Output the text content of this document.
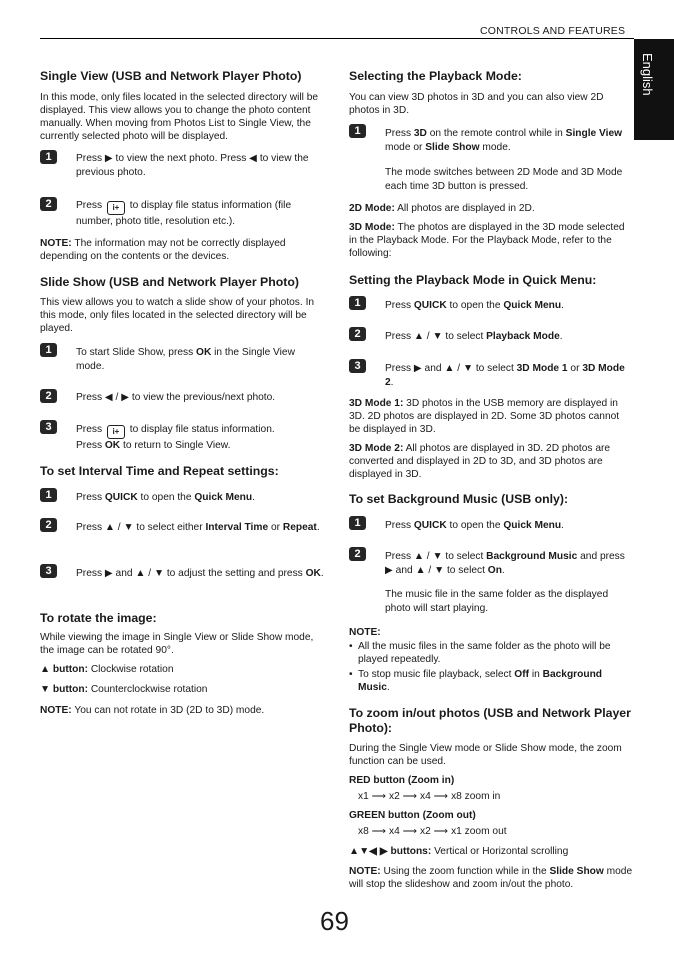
CONTROLS AND FEATURES
English
Single View (USB and Network Player Photo)
In this mode, only files located in the selected directory will be displayed. This view allows you to change the photo content manually. When moving from Photos List to Single View, the currently selected photo will be displayed.
1	Press ▶ to view the next photo. Press ◀ to view the previous photo.
2	Press i+ to display file status information (file number, photo title, resolution etc.).
NOTE: The information may not be correctly displayed depending on the contents or the devices.
Slide Show (USB and Network Player Photo)
This view allows you to watch a slide show of your photos. In this mode, only files located in the selected directory will be played.
1	To start Slide Show, press OK in the Single View mode.
2	Press ◀ / ▶ to view the previous/next photo.
3	Press i+ to display file status information.
Press OK to return to Single View.
To set Interval Time and Repeat settings:
1	Press QUICK to open the Quick Menu.
2	Press ▲ / ▼ to select either Interval Time or Repeat.
3	Press ▶ and ▲ / ▼ to adjust the setting and press OK.
To rotate the image:
While viewing the image in Single View or Slide Show mode, the image can be rotated 90°.
▲ button: Clockwise rotation
▼ button: Counterclockwise rotation
NOTE: You can not rotate in 3D (2D to 3D) mode.
Selecting the Playback Mode:
You can view 3D photos in 3D and you can also view 2D photos in 3D.
1	Press 3D on the remote control while in Single View mode or Slide Show mode.
The mode switches between 2D Mode and 3D Mode each time 3D button is pressed.
2D Mode: All photos are displayed in 2D.
3D Mode: The photos are displayed in the 3D mode selected in the Playback Mode. For the Playback Mode, refer to the following:
Setting the Playback Mode in Quick Menu:
1	Press QUICK to open the Quick Menu.
2	Press ▲ / ▼ to select Playback Mode.
3	Press ▶ and ▲ / ▼ to select 3D Mode 1 or 3D Mode 2.
3D Mode 1: 3D photos in the USB memory are displayed in 3D. 2D photos are displayed in 2D. Some 3D photos cannot be displayed in 3D.
3D Mode 2: All photos are displayed in 3D. 2D photos are converted and displayed in 2D to 3D, and 3D photos are displayed in 3D.
To set Background Music (USB only):
1	Press QUICK to open the Quick Menu.
2	Press ▲ / ▼ to select Background Music and press ▶ and ▲ / ▼ to select On.
The music file in the same folder as the displayed photo will start playing.
NOTE:
• All the music files in the same folder as the photo will be played repeatedly.
• To stop music file playback, select Off in Background Music.
To zoom in/out photos (USB and Network Player Photo):
During the Single View mode or Slide Show mode, the zoom function can be used.
RED button (Zoom in)
x1 ⟶ x2 ⟶ x4 ⟶ x8 zoom in
GREEN button (Zoom out)
x8 ⟶ x4 ⟶ x2 ⟶ x1 zoom out
▲▼◀ ▶ buttons: Vertical or Horizontal scrolling
NOTE: Using the zoom function while in the Slide Show mode will stop the slideshow and zoom in/out the photo.
69
